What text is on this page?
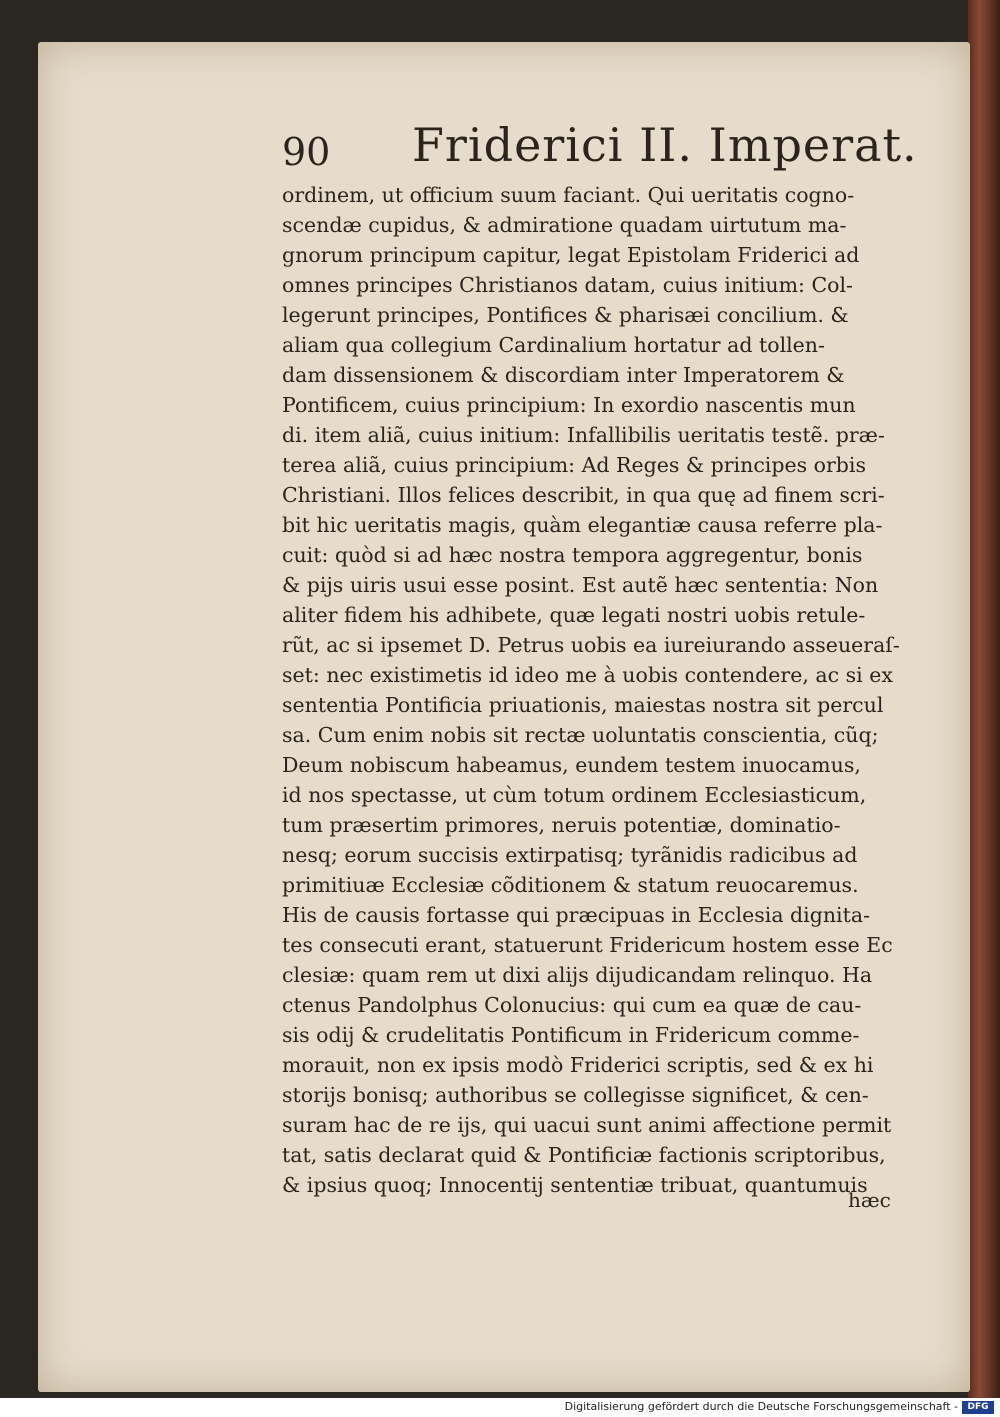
90 Friderici II. Imperat.
ordinem, ut officium suum faciant. Qui ueritatis cogno-
scendæ cupidus, & admiratione quadam uirtutum ma-
gnorum principum capitur, legat Epistolam Friderici ad
omnes principes Christianos datam, cuius initium: Col-
legerunt principes, Pontifices & pharisæi concilium. &
aliam qua collegium Cardinalium hortatur ad tollen-
dam dissensionem & discordiam inter Imperatorem &
Pontificem, cuius principium: In exordio nascentis mun
di. item aliã, cuius initium: Infallibilis ueritatis testẽ. præ-
terea aliã, cuius principium: Ad Reges & principes orbis
Christiani. Illos felices describit, in qua quę ad finem scri-
bit hic ueritatis magis, quàm elegantiæ causa referre pla-
cuit: quòd si ad hæc nostra tempora aggregentur, bonis
& pijs uiris usui esse posint. Est autẽ hæc sententia: Non
aliter fidem his adhibete, quæ legati nostri uobis retule-
rũt, ac si ipsemet D. Petrus uobis ea iureiurando asseueraſ-
set: nec existimetis id ideo me à uobis contendere, ac si ex
sententia Pontificia priuationis, maiestas nostra sit percul
sa. Cum enim nobis sit rectæ uoluntatis conscientia, cũq;
Deum nobiscum habeamus, eundem testem inuocamus,
id nos spectasse, ut cùm totum ordinem Ecclesiasticum,
tum præsertim primores, neruis potentiæ, dominatio-
nesq; eorum succisis extirpatisq; tyrãnidis radicibus ad
primitiuæ Ecclesiæ cõditionem & statum reuocaremus.
His de causis fortasse qui præcipuas in Ecclesia dignita-
tes consecuti erant, statuerunt Fridericum hostem esse Ec
clesiæ: quam rem ut dixi alijs dijudicandam relinquo. Ha
ctenus Pandolphus Colonucius: qui cum ea quæ de cau-
sis odij & crudelitatis Pontificum in Fridericum comme-
morauit, non ex ipsis modò Friderici scriptis, sed & ex hi
storijs bonisq; authoribus se collegisse significet, & cen-
suram hac de re ijs, qui uacui sunt animi affectione permit
tat, satis declarat quid & Pontificiæ factionis scriptoribus,
& ipsius quoq; Innocentij sententiæ tribuat, quantumuis
hæc
Digitalisierung gefördert durch die Deutsche Forschungsgemeinschaft -	DFG
